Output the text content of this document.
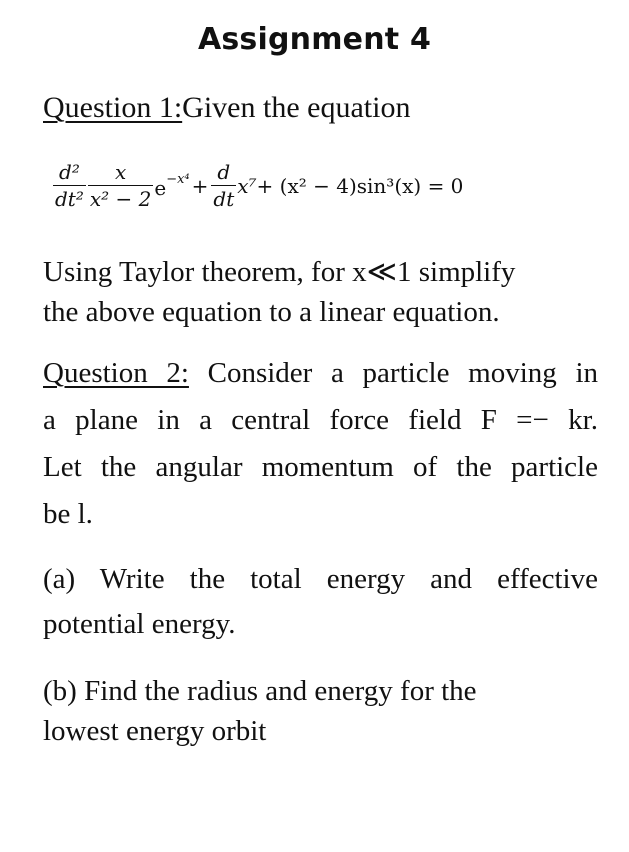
Assignment 4
Question 1:Given the equation
$\frac{\text{d²}}{\text{dt²}} \frac{x}{\text{x² − 2}} e^{-x^4} + \frac{d}{dt} x^7 + (x^2 - 4)\sin^3(x) = 0$
Using Taylor theorem, for x≪1 simplify
the above equation to a linear equation.
Question 2: Consider a particle moving in
a plane in a central force field F =− kr.
Let the angular momentum of the particle
be l.
(a) Write the total energy and effective
potential energy.
(b) Find the radius and energy for the
lowest energy orbit
